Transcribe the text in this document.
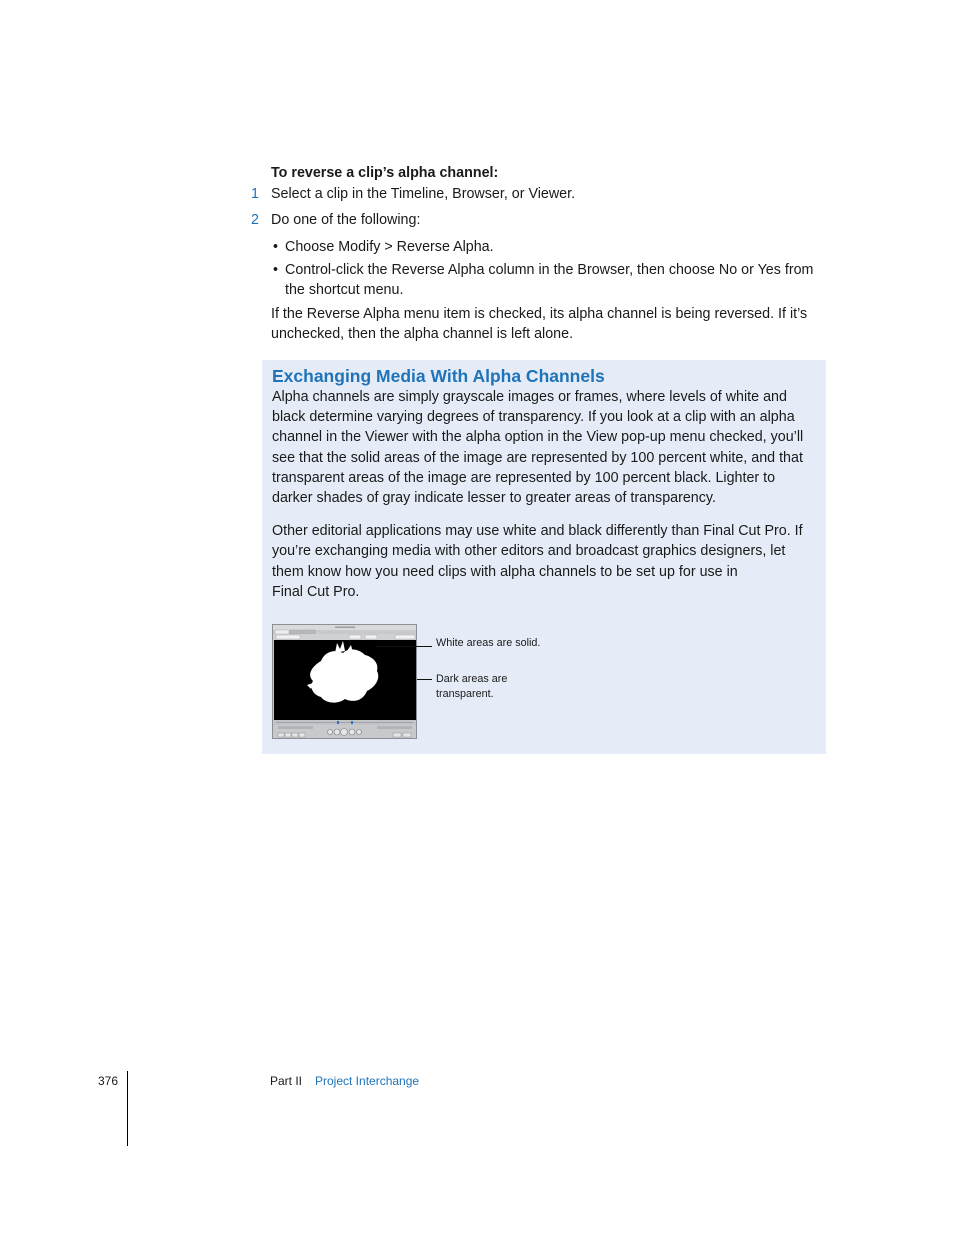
To reverse a clip’s alpha channel:
1 Select a clip in the Timeline, Browser, or Viewer.
2 Do one of the following:
• Choose Modify > Reverse Alpha.
• Control-click the Reverse Alpha column in the Browser, then choose No or Yes from
the shortcut menu.
If the Reverse Alpha menu item is checked, its alpha channel is being reversed. If it’s
unchecked, then the alpha channel is left alone.
Exchanging Media With Alpha Channels
Alpha channels are simply grayscale images or frames, where levels of white and
black determine varying degrees of transparency. If you look at a clip with an alpha
channel in the Viewer with the alpha option in the View pop-up menu checked, you’ll
see that the solid areas of the image are represented by 100 percent white, and that
transparent areas of the image are represented by 100 percent black. Lighter to
darker shades of gray indicate lesser to greater areas of transparency.
Other editorial applications may use white and black differently than Final Cut Pro. If
you’re exchanging media with other editors and broadcast graphics designers, let
them know how you need clips with alpha channels to be set up for use in
Final Cut Pro.
White areas are solid.
Dark areas are
transparent.
376	Part II Project Interchange
